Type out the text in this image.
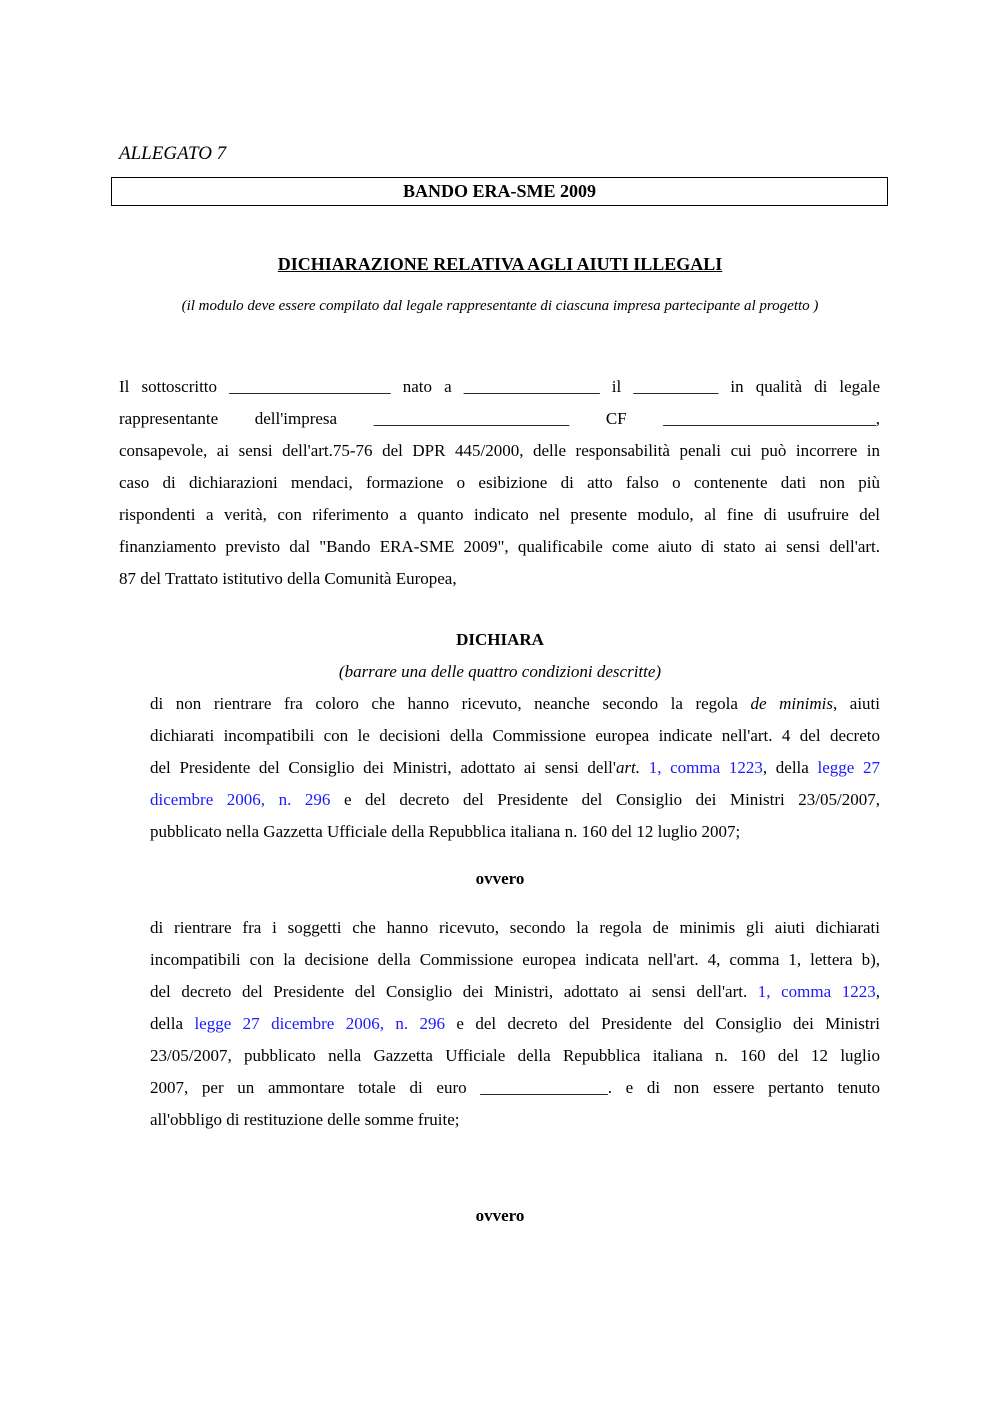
ALLEGATO 7
BANDO ERA-SME 2009
DICHIARAZIONE RELATIVA AGLI AIUTI ILLEGALI
(il modulo deve essere compilato dal legale rappresentante di ciascuna impresa partecipante al progetto )
Il sottoscritto ___________________ nato a ________________ il __________ in qualità di legale
rappresentante dell'impresa _______________________ CF _________________________,
consapevole, ai sensi dell'art.75-76 del DPR 445/2000, delle responsabilità penali cui può incorrere in
caso di dichiarazioni mendaci, formazione o esibizione di atto falso o contenente dati non più
rispondenti a verità, con riferimento a quanto indicato nel presente modulo, al fine di usufruire del
finanziamento previsto dal "Bando ERA-SME 2009", qualificabile come aiuto di stato ai sensi dell'art.
87 del Trattato istitutivo della Comunità Europea,
DICHIARA
(barrare una delle quattro condizioni descritte)
di non rientrare fra coloro che hanno ricevuto, neanche secondo la regola de minimis, aiuti
dichiarati incompatibili con le decisioni della Commissione europea indicate nell'art. 4 del decreto
del Presidente del Consiglio dei Ministri, adottato ai sensi dell'art. 1, comma 1223, della legge 27
dicembre 2006, n. 296 e del decreto del Presidente del Consiglio dei Ministri 23/05/2007,
pubblicato nella Gazzetta Ufficiale della Repubblica italiana n. 160 del 12 luglio 2007;
ovvero
di rientrare fra i soggetti che hanno ricevuto, secondo la regola de minimis gli aiuti dichiarati
incompatibili con la decisione della Commissione europea indicata nell'art. 4, comma 1, lettera b),
del decreto del Presidente del Consiglio dei Ministri, adottato ai sensi dell'art. 1, comma 1223,
della legge 27 dicembre 2006, n. 296 e del decreto del Presidente del Consiglio dei Ministri
23/05/2007, pubblicato nella Gazzetta Ufficiale della Repubblica italiana n. 160 del 12 luglio
2007, per un ammontare totale di euro _______________. e di non essere pertanto tenuto
all'obbligo di restituzione delle somme fruite;
ovvero
